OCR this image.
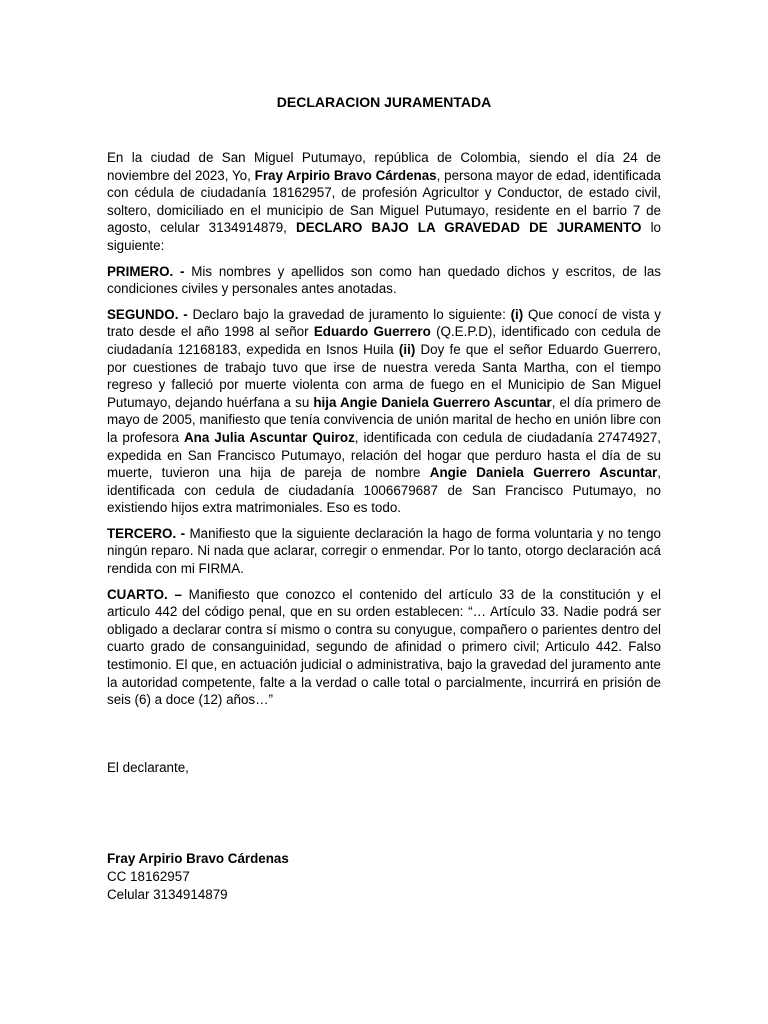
DECLARACION JURAMENTADA

En la ciudad de San Miguel Putumayo, república de Colombia, siendo el día 24 de noviembre del 2023, Yo, Fray Arpirio Bravo Cárdenas, persona mayor de edad, identificada con cédula de ciudadanía 18162957, de profesión Agricultor y Conductor, de estado civil, soltero, domiciliado en el municipio de San Miguel Putumayo, residente en el barrio 7 de agosto, celular 3134914879, DECLARO BAJO LA GRAVEDAD DE JURAMENTO lo siguiente:

PRIMERO. - Mis nombres y apellidos son como han quedado dichos y escritos, de las condiciones civiles y personales antes anotadas.

SEGUNDO. - Declaro bajo la gravedad de juramento lo siguiente: (i) Que conocí de vista y trato desde el año 1998 al señor Eduardo Guerrero (Q.E.P.D), identificado con cedula de ciudadanía 12168183, expedida en Isnos Huila (ii) Doy fe que el señor Eduardo Guerrero, por cuestiones de trabajo tuvo que irse de nuestra vereda Santa Martha, con el tiempo regreso y falleció por muerte violenta con arma de fuego en el Municipio de San Miguel Putumayo, dejando huérfana a su hija Angie Daniela Guerrero Ascuntar, el día primero de mayo de 2005, manifiesto que tenía convivencia de unión marital de hecho en unión libre con la profesora Ana Julia Ascuntar Quiroz, identificada con cedula de ciudadanía 27474927, expedida en San Francisco Putumayo, relación del hogar que perduro hasta el día de su muerte, tuvieron una hija de pareja de nombre Angie Daniela Guerrero Ascuntar, identificada con cedula de ciudadanía 1006679687 de San Francisco Putumayo, no existiendo hijos extra matrimoniales. Eso es todo.

TERCERO. - Manifiesto que la siguiente declaración la hago de forma voluntaria y no tengo ningún reparo. Ni nada que aclarar, corregir o enmendar. Por lo tanto, otorgo declaración acá rendida con mi FIRMA.

CUARTO. – Manifiesto que conozco el contenido del artículo 33 de la constitución y el articulo 442 del código penal, que en su orden establecen: “… Artículo 33. Nadie podrá ser obligado a declarar contra sí mismo o contra su conyugue, compañero o parientes dentro del cuarto grado de consanguinidad, segundo de afinidad o primero civil; Articulo 442. Falso testimonio. El que, en actuación judicial o administrativa, bajo la gravedad del juramento ante la autoridad competente, falte a la verdad o calle total o parcialmente, incurrirá en prisión de seis (6) a doce (12) años…”

El declarante,
Fray Arpirio Bravo Cárdenas
CC 18162957
Celular 3134914879
